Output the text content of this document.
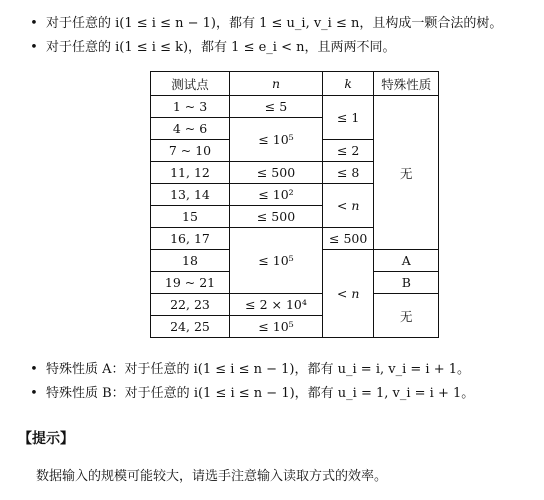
• 对于任意的 i(1 ≤ i ≤ n − 1)，都有 1 ≤ u_i, v_i ≤ n，且构成一颗合法的树。
• 对于任意的 i(1 ≤ i ≤ k)，都有 1 ≤ e_i < n，且两两不同。
测试点	n	k	特殊性质
1 ~ 3	≤ 5	≤ 1	无
4 ~ 6	≤ 10⁵		
7 ~ 10		≤ 2	
11, 12	≤ 500	≤ 8	
13, 14	≤ 10²	< n	
15	≤ 500		
16, 17	≤ 10⁵	≤ 500	
18		< n	A
19 ~ 21			B
22, 23	≤ 2 × 10⁴		无
24, 25	≤ 10⁵		
• 特殊性质 A：对于任意的 i(1 ≤ i ≤ n − 1)，都有 u_i = i, v_i = i + 1。
• 特殊性质 B：对于任意的 i(1 ≤ i ≤ n − 1)，都有 u_i = 1, v_i = i + 1。
【提示】
数据输入的规模可能较大，请选手注意输入读取方式的效率。
